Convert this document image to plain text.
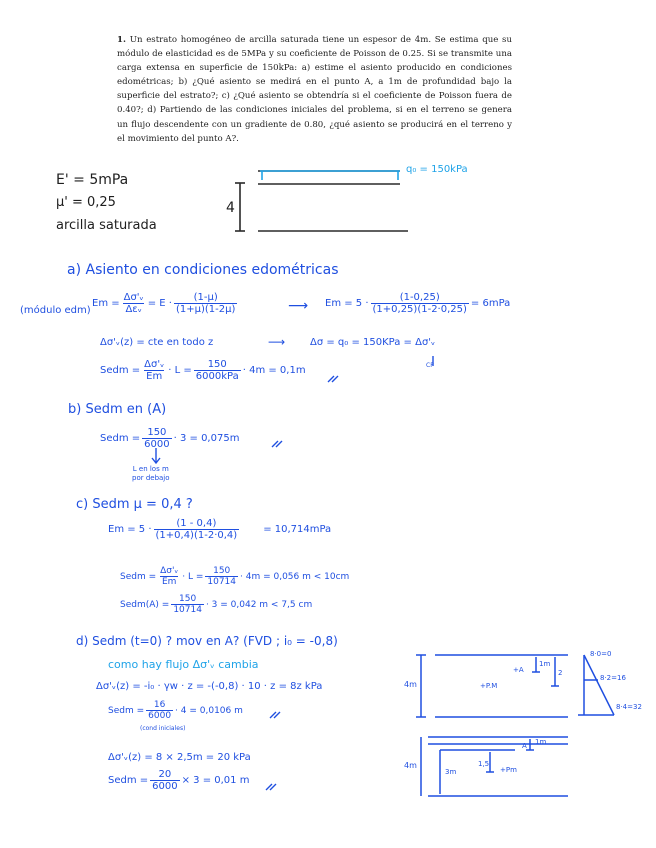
1. Un estrato homogéneo de arcilla saturada tiene un espesor de 4m. Se estima que su módulo de elasticidad es de 5MPa y su coeficiente de Poisson de 0.25. Si se transmite una carga extensa en superficie de 150kPa: a) estime el asiento producido en condiciones edométricas; b) ¿Qué asiento se medirá en el punto A, a 1m de profundidad bajo la superficie del estrato?; c) ¿Qué asiento se obtendría si el coeficiente de Poisson fuera de 0.40?; d) Partiendo de las condiciones iniciales del problema, si en el terreno se genera un flujo descendente con un gradiente de 0.80, ¿qué asiento se producirá en el terreno y el movimiento del punto A?.
E' = 5mPa
μ' = 0,25
arcilla saturada
4
q₀ = 150kPa
a) Asiento en condiciones edométricas
(módulo edm)
$Em = \frac{\text{Δσ'ᵥ}}{\text{Δεᵥ}} = E \cdot \frac{(1-\mu)}{(1+\mu)(1-2\mu)}$	⟶ $Em = 5 \cdot \frac{(1-0,25)}{(1+0,25)(1-2\cdot 0,25)} = 6mPa$
Δσ'ᵥ(z) = cte en todo z	⟶ Δσ = q₀ = 150KPa = Δσ'ᵥ
CP
Sedm = $\frac{\text{Δσ'ᵥ}}{Em} \cdot L = \frac{150}{\text{6000kPa}} \cdot 4m = 0,1m$
b) Sedm en (A)
Sedm = $\frac{150}{6000} \cdot 3 = 0,075m$
L en los m
por debajo
c) Sedm μ = 0,4 ?
$Em = 5 \cdot \frac{(1 - 0,4)}{(1+0,4)(1-2\cdot 0,4)} = 10,714mPa$
Sedm = $\frac{\text{Δσ'ᵥ}}{Em} \cdot L = \frac{150}{10714} \cdot 4m = 0,056$ m < 10cm
Sedm(A) = $\frac{150}{10714} \cdot 3 = 0,042$ m < 7,5 cm
d) Sedm (t=0) ? mov en A? (FVD ; i₀ = -0,8)
como hay flujo Δσ'ᵥ cambia
Δσ'ᵥ(z) = -i₀ · γw · z = -(-0,8) · 10 · z = 8z kPa
Sedm = $\frac{16}{6000} \cdot 4 = 0,0106$ m
(cond iniciales)
Δσ'ᵥ(z) = 8 × 2,5m = 20 kPa
Sedm = $\frac{20}{6000} \times 3 = 0,01$ m
4m
+A
1m
2
+P.M
8·0=0
8·2=16
8·4=32
4m
A 1m
3m
1,5
+Pm
